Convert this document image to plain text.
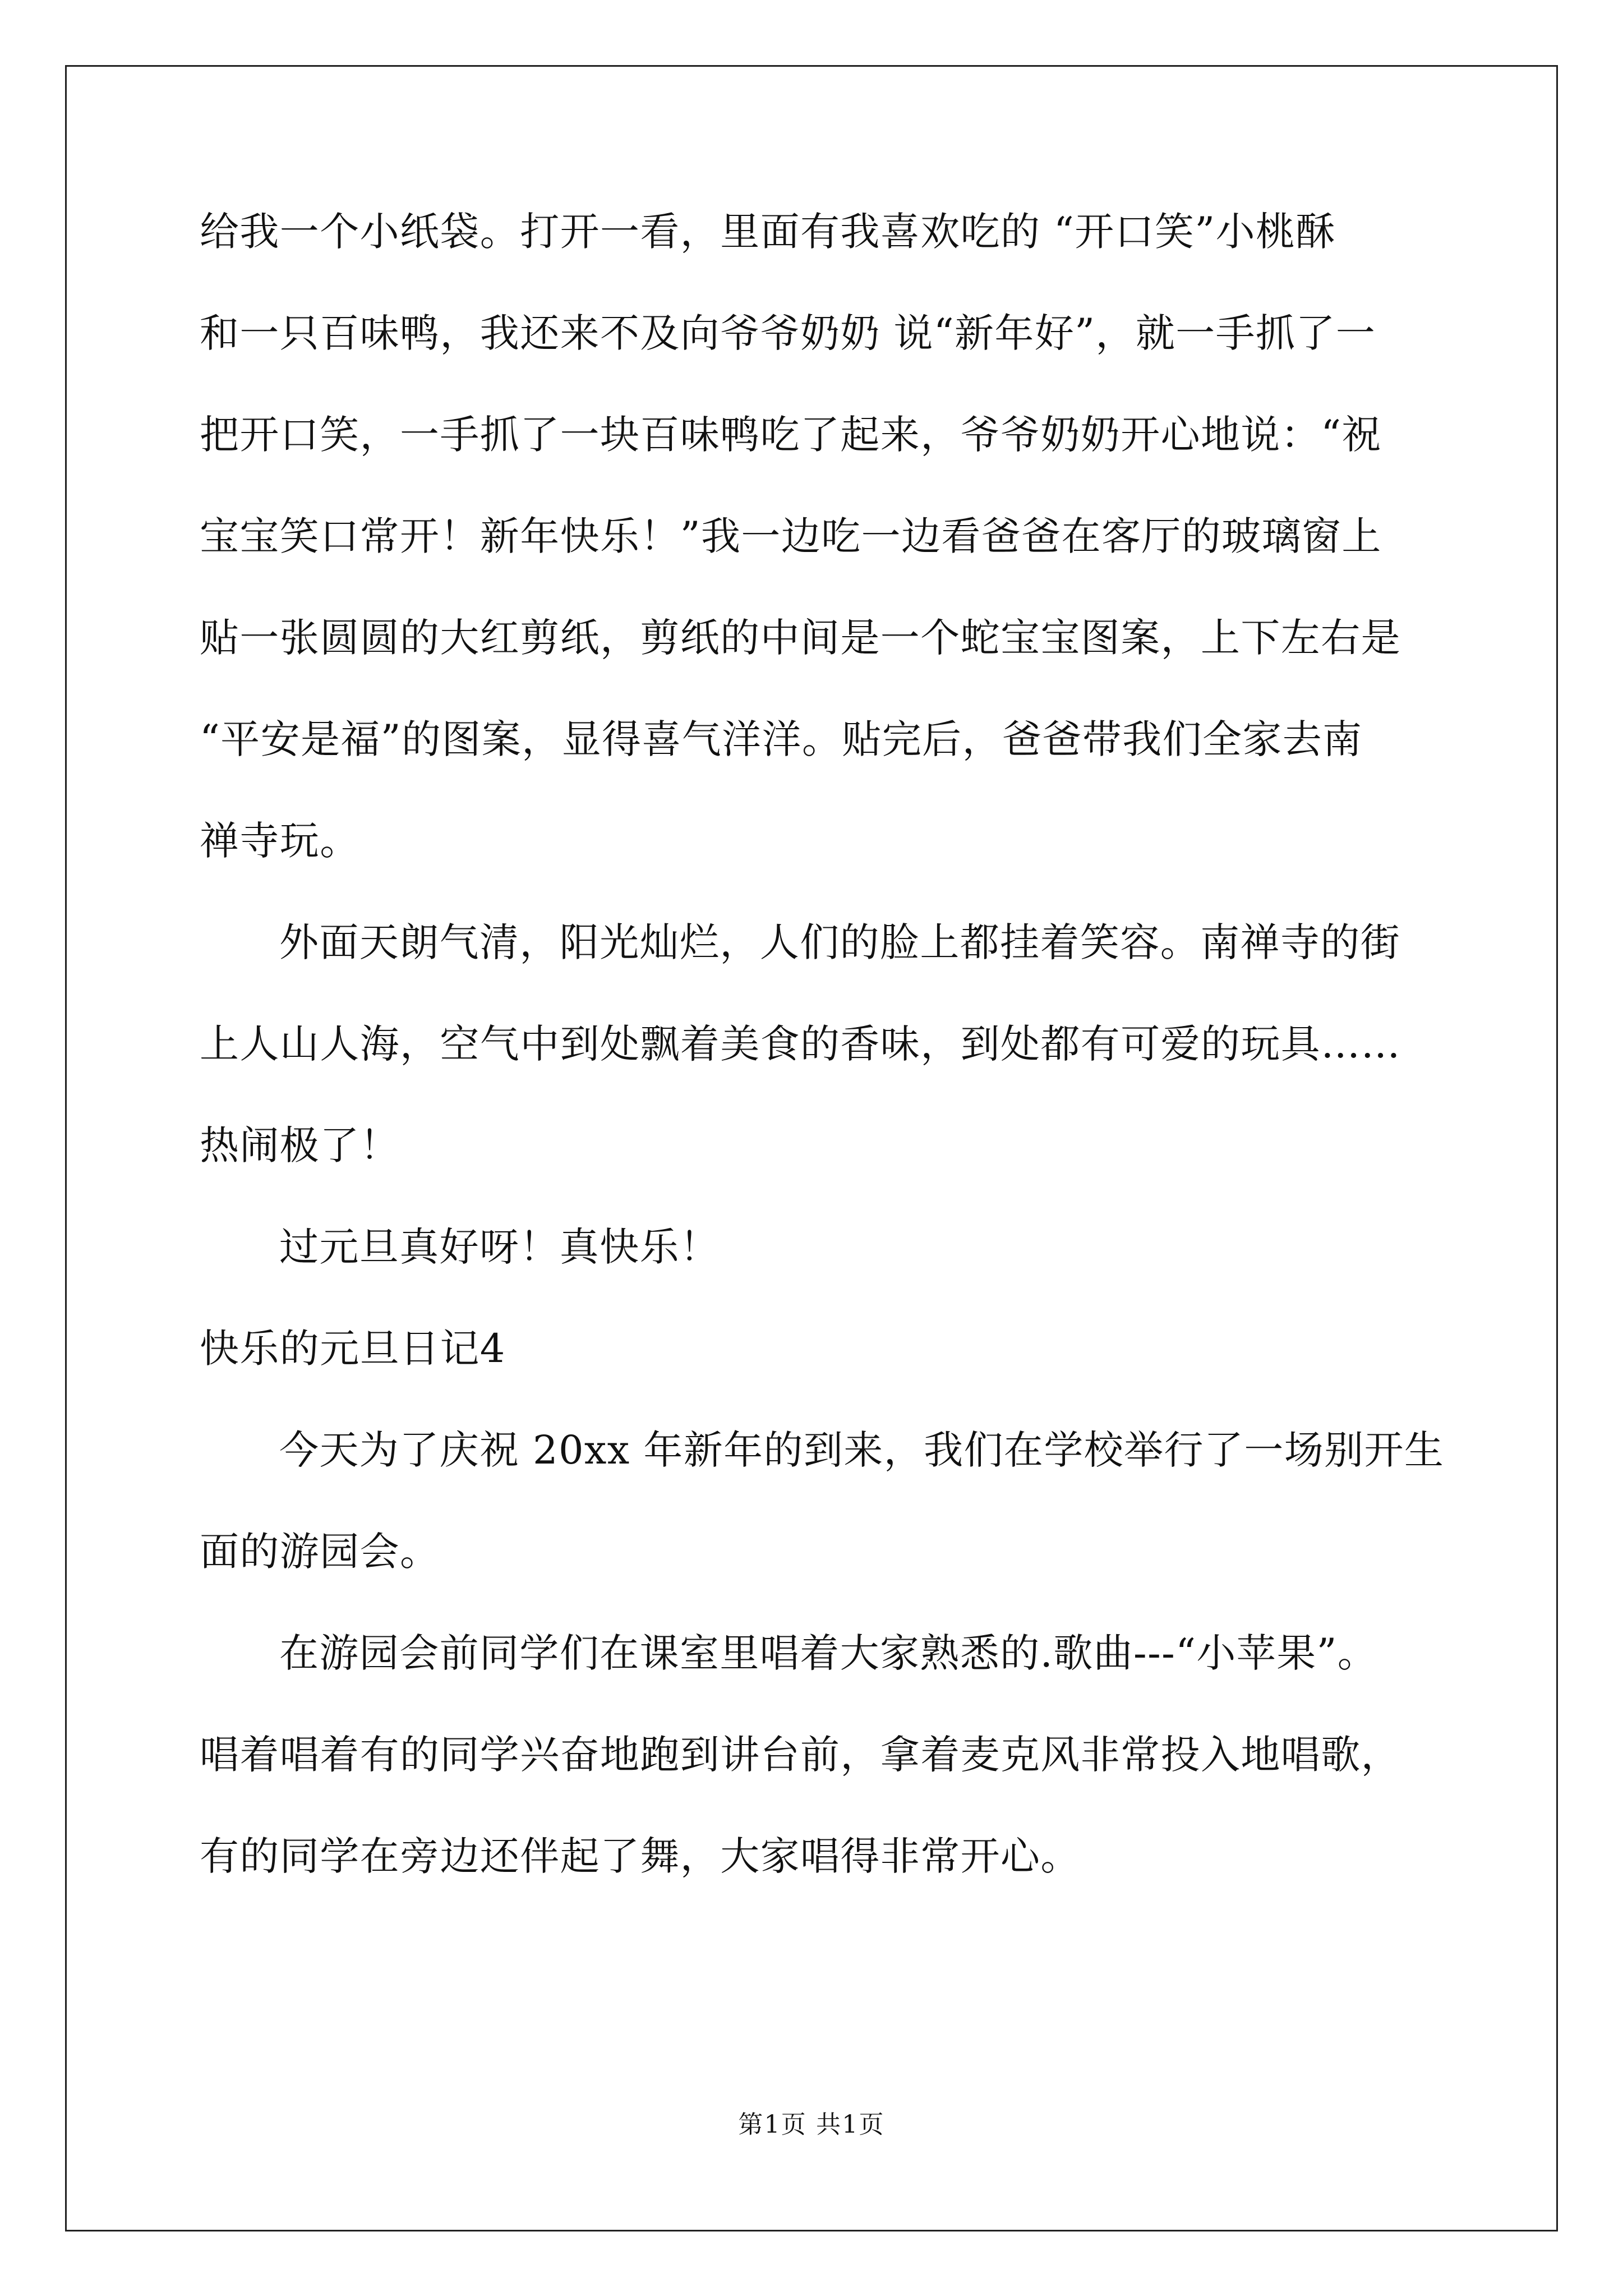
给我一个小纸袋。打开一看，里面有我喜欢吃的 “开口笑”小桃酥

和一只百味鸭，我还来不及向爷爷奶奶 说“新年好”，就一手抓了一

把开口笑，一手抓了一块百味鸭吃了起来，爷爷奶奶开心地说：“祝

宝宝笑口常开！新年快乐！”我一边吃一边看爸爸在客厅的玻璃窗上

贴一张圆圆的大红剪纸，剪纸的中间是一个蛇宝宝图案，上下左右是

“平安是福”的图案，显得喜气洋洋。贴完后，爸爸带我们全家去南

禅寺玩。

外面天朗气清，阳光灿烂，人们的脸上都挂着笑容。南禅寺的街

上人山人海，空气中到处飘着美食的香味，到处都有可爱的玩具……

热闹极了！

过元旦真好呀！真快乐！

快乐的元旦日记4

今天为了庆祝 20xx 年新年的到来，我们在学校举行了一场别开生

面的游园会。

在游园会前同学们在课室里唱着大家熟悉的.歌曲---“小苹果”。

唱着唱着有的同学兴奋地跑到讲台前，拿着麦克风非常投入地唱歌，

有的同学在旁边还伴起了舞，大家唱得非常开心。

第1页 共1页
